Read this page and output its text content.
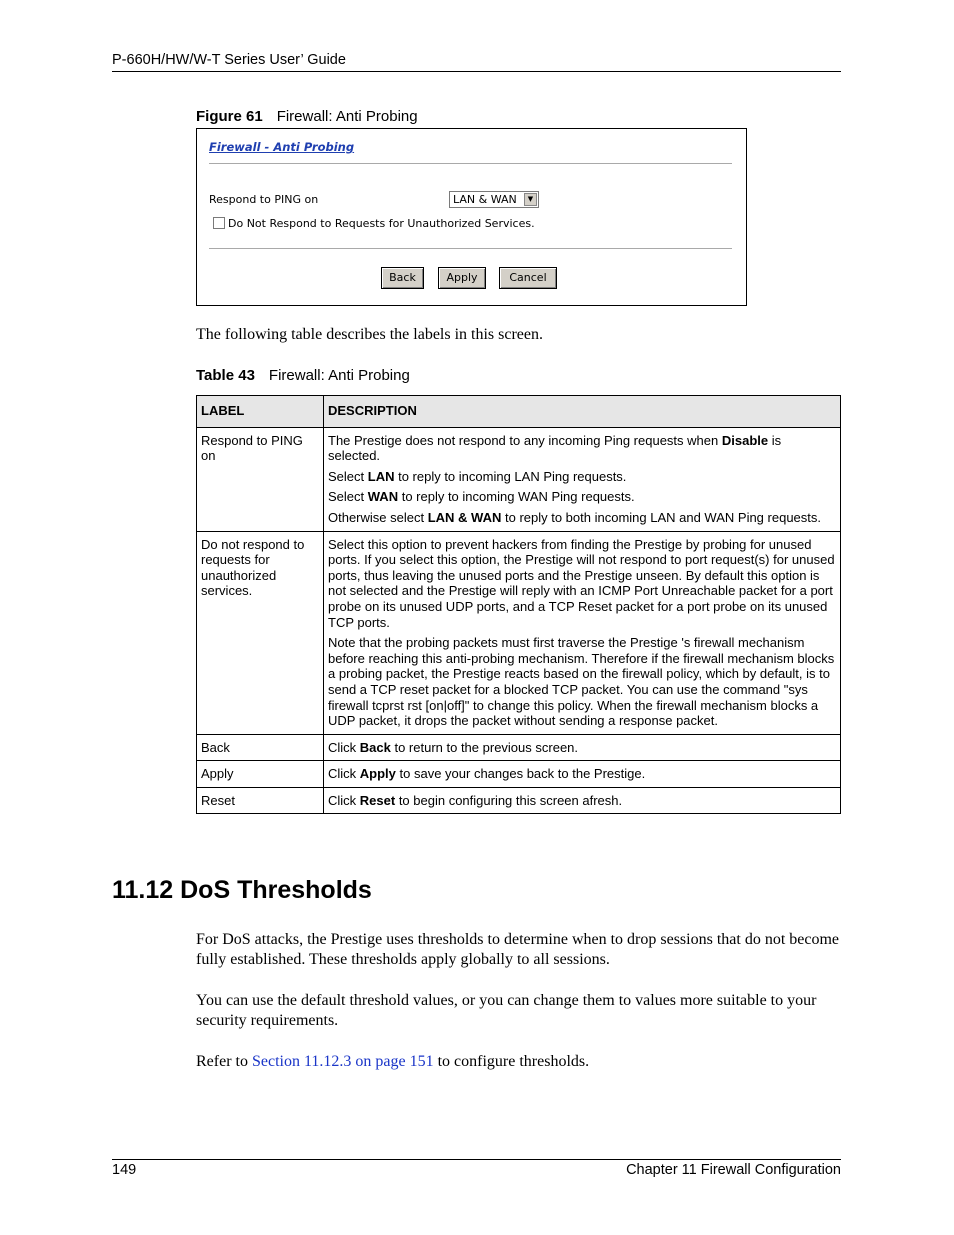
P-660H/HW/W-T Series User’ Guide
Figure 61 Firewall: Anti Probing
Firewall - Anti Probing
Respond to PING on	LAN & WAN	▼
Do Not Respond to Requests for Unauthorized Services.
Back	Apply	Cancel
The following table describes the labels in this screen.
Table 43 Firewall: Anti Probing
LABEL	DESCRIPTION
Respond to PING on	The Prestige does not respond to any incoming Ping requests when Disable is selected.

Select LAN to reply to incoming LAN Ping requests.

Select WAN to reply to incoming WAN Ping requests.

Otherwise select LAN & WAN to reply to both incoming LAN and WAN Ping requests.

Do not respond to requests for unauthorized services.	Select this option to prevent hackers from finding the Prestige by probing for unused ports. If you select this option, the Prestige will not respond to port request(s) for unused ports, thus leaving the unused ports and the Prestige unseen. By default this option is not selected and the Prestige will reply with an ICMP Port Unreachable packet for a port probe on its unused UDP ports, and a TCP Reset packet for a port probe on its unused TCP ports.

Note that the probing packets must first traverse the Prestige 's firewall mechanism before reaching this anti-probing mechanism. Therefore if the firewall mechanism blocks a probing packet, the Prestige reacts based on the firewall policy, which by default, is to send a TCP reset packet for a blocked TCP packet. You can use the command "sys firewall tcprst rst [on|off]" to change this policy. When the firewall mechanism blocks a UDP packet, it drops the packet without sending a response packet.

Back	Click Back to return to the previous screen.

Apply	Click Apply to save your changes back to the Prestige.

Reset	Click Reset to begin configuring this screen afresh.

11.12 DoS Thresholds
For DoS attacks, the Prestige uses thresholds to determine when to drop sessions that do not become fully established. These thresholds apply globally to all sessions.
You can use the default threshold values, or you can change them to values more suitable to your security requirements.
Refer to Section 11.12.3 on page 151 to configure thresholds.
149	Chapter 11 Firewall Configuration
